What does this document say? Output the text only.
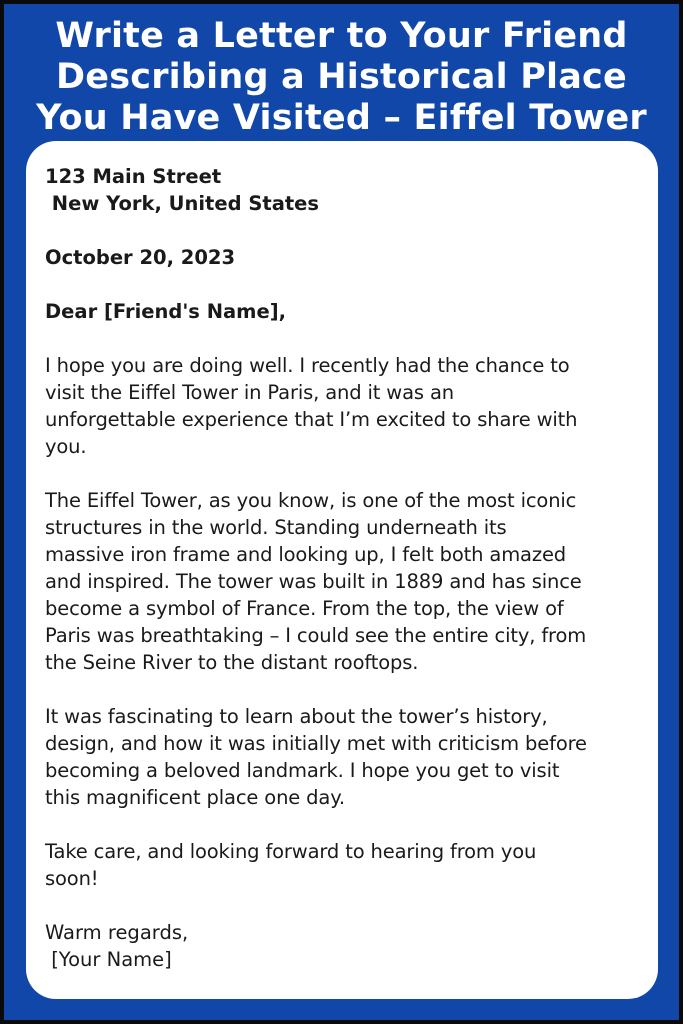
Write a Letter to Your Friend
Describing a Historical Place
You Have Visited – Eiffel Tower

123 Main Street

New York, United States

October 20, 2023

Dear [Friend's Name],

I hope you are doing well. I recently had the chance to
visit the Eiffel Tower in Paris, and it was an
unforgettable experience that I’m excited to share with
you.

The Eiffel Tower, as you know, is one of the most iconic
structures in the world. Standing underneath its
massive iron frame and looking up, I felt both amazed
and inspired. The tower was built in 1889 and has since
become a symbol of France. From the top, the view of
Paris was breathtaking – I could see the entire city, from
the Seine River to the distant rooftops.

It was fascinating to learn about the tower’s history,
design, and how it was initially met with criticism before
becoming a beloved landmark. I hope you get to visit
this magnificent place one day.

Take care, and looking forward to hearing from you
soon!

Warm regards,

[Your Name]
